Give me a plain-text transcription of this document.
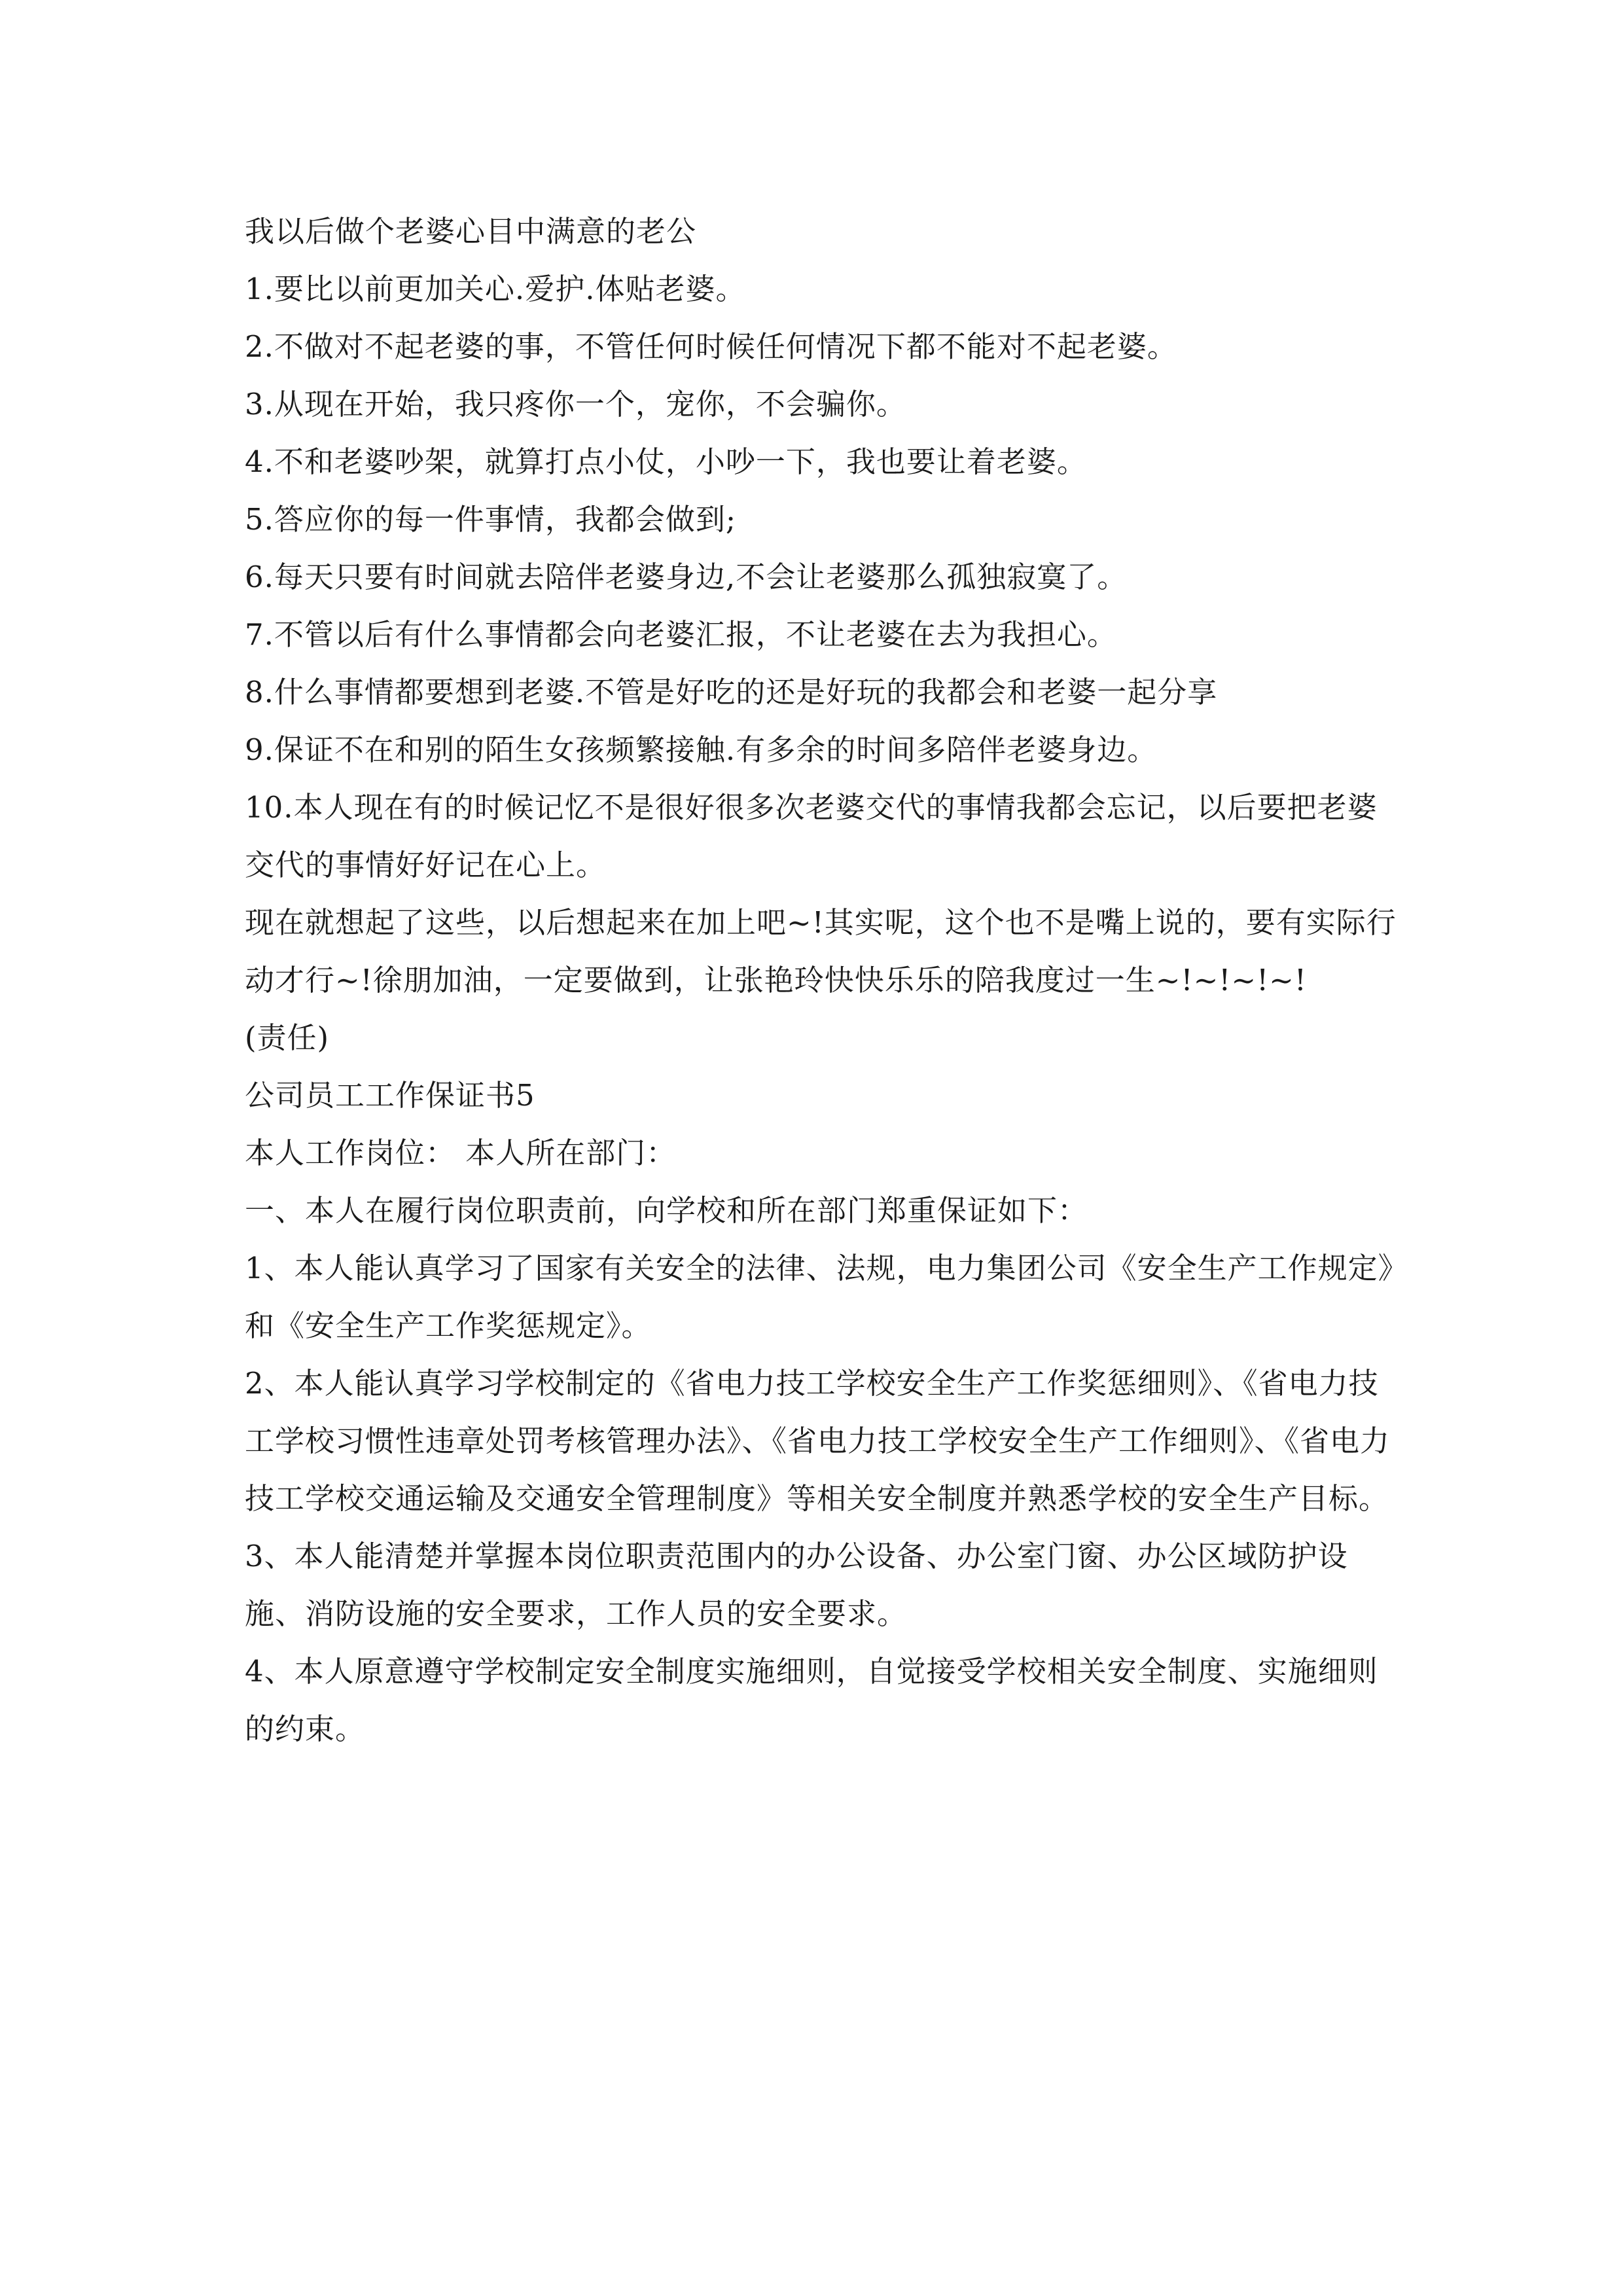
我以后做个老婆心目中满意的老公

1.要比以前更加关心.爱护.体贴老婆。

2.不做对不起老婆的事，不管任何时候任何情况下都不能对不起老婆。

3.从现在开始，我只疼你一个，宠你，不会骗你。

4.不和老婆吵架，就算打点小仗，小吵一下，我也要让着老婆。

5.答应你的每一件事情，我都会做到;

6.每天只要有时间就去陪伴老婆身边,不会让老婆那么孤独寂寞了。

7.不管以后有什么事情都会向老婆汇报，不让老婆在去为我担心。

8.什么事情都要想到老婆.不管是好吃的还是好玩的我都会和老婆一起分享

9.保证不在和别的陌生女孩频繁接触.有多余的时间多陪伴老婆身边。

10.本人现在有的时候记忆不是很好很多次老婆交代的事情我都会忘记，以后要把老婆交代的事情好好记在心上。

现在就想起了这些，以后想起来在加上吧~!其实呢，这个也不是嘴上说的，要有实际行动才行~!徐朋加油，一定要做到，让张艳玲快快乐乐的陪我度过一生~!~!~!~!

(责任)

公司员工工作保证书5

本人工作岗位： 本人所在部门：

一、本人在履行岗位职责前，向学校和所在部门郑重保证如下：

1、本人能认真学习了国家有关安全的法律、法规，电力集团公司《安全生产工作规定》和《安全生产工作奖惩规定》。

2、本人能认真学习学校制定的《省电力技工学校安全生产工作奖惩细则》、《省电力技工学校习惯性违章处罚考核管理办法》、《省电力技工学校安全生产工作细则》、《省电力技工学校交通运输及交通安全管理制度》等相关安全制度并熟悉学校的安全生产目标。

3、本人能清楚并掌握本岗位职责范围内的办公设备、办公室门窗、办公区域防护设施、消防设施的安全要求，工作人员的安全要求。

4、本人原意遵守学校制定安全制度实施细则，自觉接受学校相关安全制度、实施细则的约束。
